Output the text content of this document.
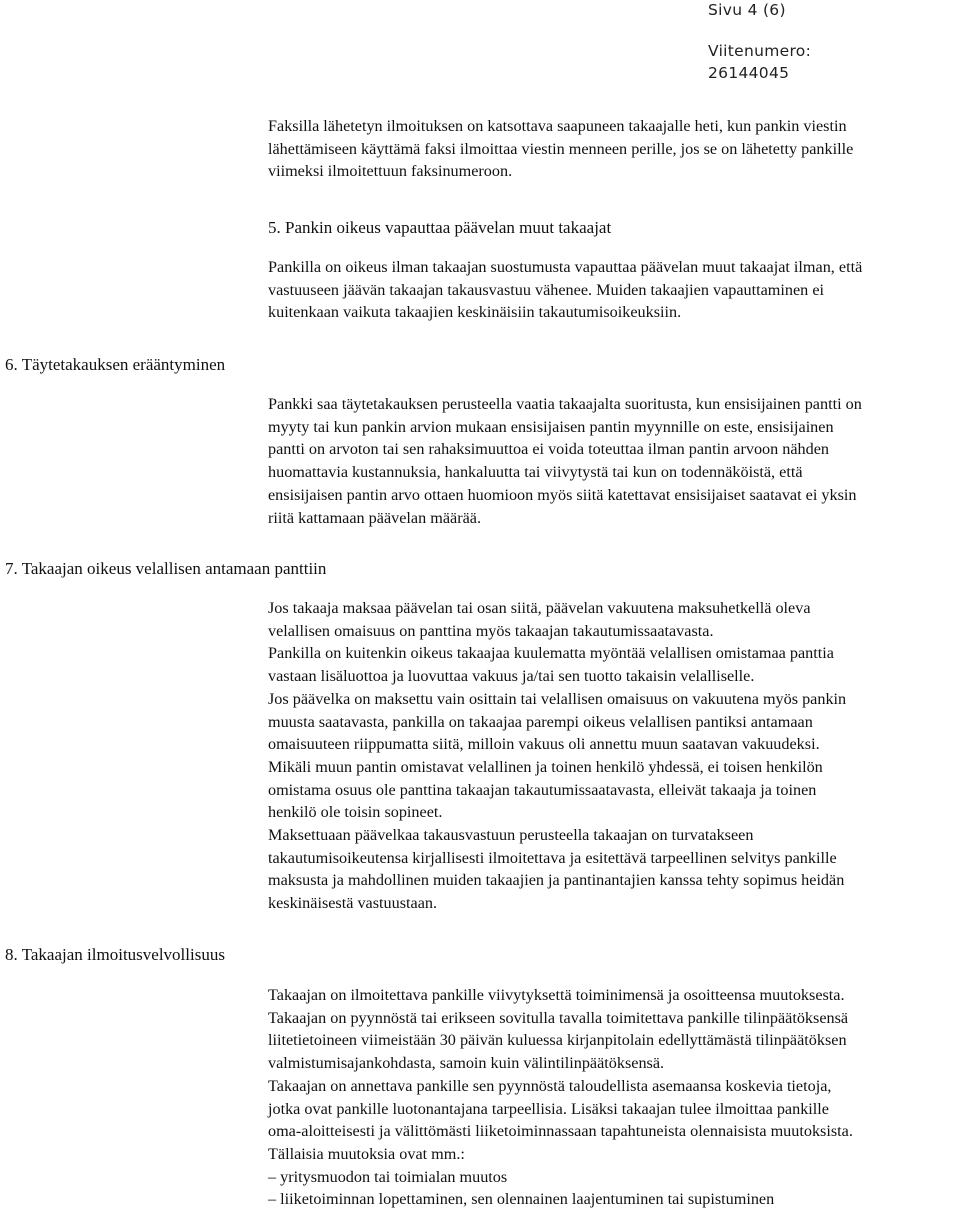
Sivu 4 (6)
Viitenumero:
26144045
Faksilla lähetetyn ilmoituksen on katsottava saapuneen takaajalle heti, kun pankin viestin
lähettämiseen käyttämä faksi ilmoittaa viestin menneen perille, jos se on lähetetty pankille
viimeksi ilmoitettuun faksinumeroon.
5. Pankin oikeus vapauttaa päävelan muut takaajat
Pankilla on oikeus ilman takaajan suostumusta vapauttaa päävelan muut takaajat ilman, että
vastuuseen jäävän takaajan takausvastuu vähenee. Muiden takaajien vapauttaminen ei
kuitenkaan vaikuta takaajien keskinäisiin takautumisoikeuksiin.
6. Täytetakauksen erääntyminen
Pankki saa täytetakauksen perusteella vaatia takaajalta suoritusta, kun ensisijainen pantti on
myyty tai kun pankin arvion mukaan ensisijaisen pantin myynnille on este, ensisijainen
pantti on arvoton tai sen rahaksimuuttoa ei voida toteuttaa ilman pantin arvoon nähden
huomattavia kustannuksia, hankaluutta tai viivytystä tai kun on todennäköistä, että
ensisijaisen pantin arvo ottaen huomioon myös siitä katettavat ensisijaiset saatavat ei yksin
riitä kattamaan päävelan määrää.
7. Takaajan oikeus velallisen antamaan panttiin
Jos takaaja maksaa päävelan tai osan siitä, päävelan vakuutena maksuhetkellä oleva
velallisen omaisuus on panttina myös takaajan takautumissaatavasta.
Pankilla on kuitenkin oikeus takaajaa kuulematta myöntää velallisen omistamaa panttia
vastaan lisäluottoa ja luovuttaa vakuus ja/tai sen tuotto takaisin velalliselle.
Jos päävelka on maksettu vain osittain tai velallisen omaisuus on vakuutena myös pankin
muusta saatavasta, pankilla on takaajaa parempi oikeus velallisen pantiksi antamaan
omaisuuteen riippumatta siitä, milloin vakuus oli annettu muun saatavan vakuudeksi.
Mikäli muun pantin omistavat velallinen ja toinen henkilö yhdessä, ei toisen henkilön
omistama osuus ole panttina takaajan takautumissaatavasta, elleivät takaaja ja toinen
henkilö ole toisin sopineet.
Maksettuaan päävelkaa takausvastuun perusteella takaajan on turvatakseen
takautumisoikeutensa kirjallisesti ilmoitettava ja esitettävä tarpeellinen selvitys pankille
maksusta ja mahdollinen muiden takaajien ja pantinantajien kanssa tehty sopimus heidän
keskinäisestä vastuustaan.
8. Takaajan ilmoitusvelvollisuus
Takaajan on ilmoitettava pankille viivytyksettä toiminimensä ja osoitteensa muutoksesta.
Takaajan on pyynnöstä tai erikseen sovitulla tavalla toimitettava pankille tilinpäätöksensä
liitetietoineen viimeistään 30 päivän kuluessa kirjanpitolain edellyttämästä tilinpäätöksen
valmistumisajankohdasta, samoin kuin välintilinpäätöksensä.
Takaajan on annettava pankille sen pyynnöstä taloudellista asemaansa koskevia tietoja,
jotka ovat pankille luotonantajana tarpeellisia. Lisäksi takaajan tulee ilmoittaa pankille
oma-aloitteisesti ja välittömästi liiketoiminnassaan tapahtuneista olennaisista muutoksista.
Tällaisia muutoksia ovat mm.:
– yritysmuodon tai toimialan muutos
– liiketoiminnan lopettaminen, sen olennainen laajentuminen tai supistuminen
